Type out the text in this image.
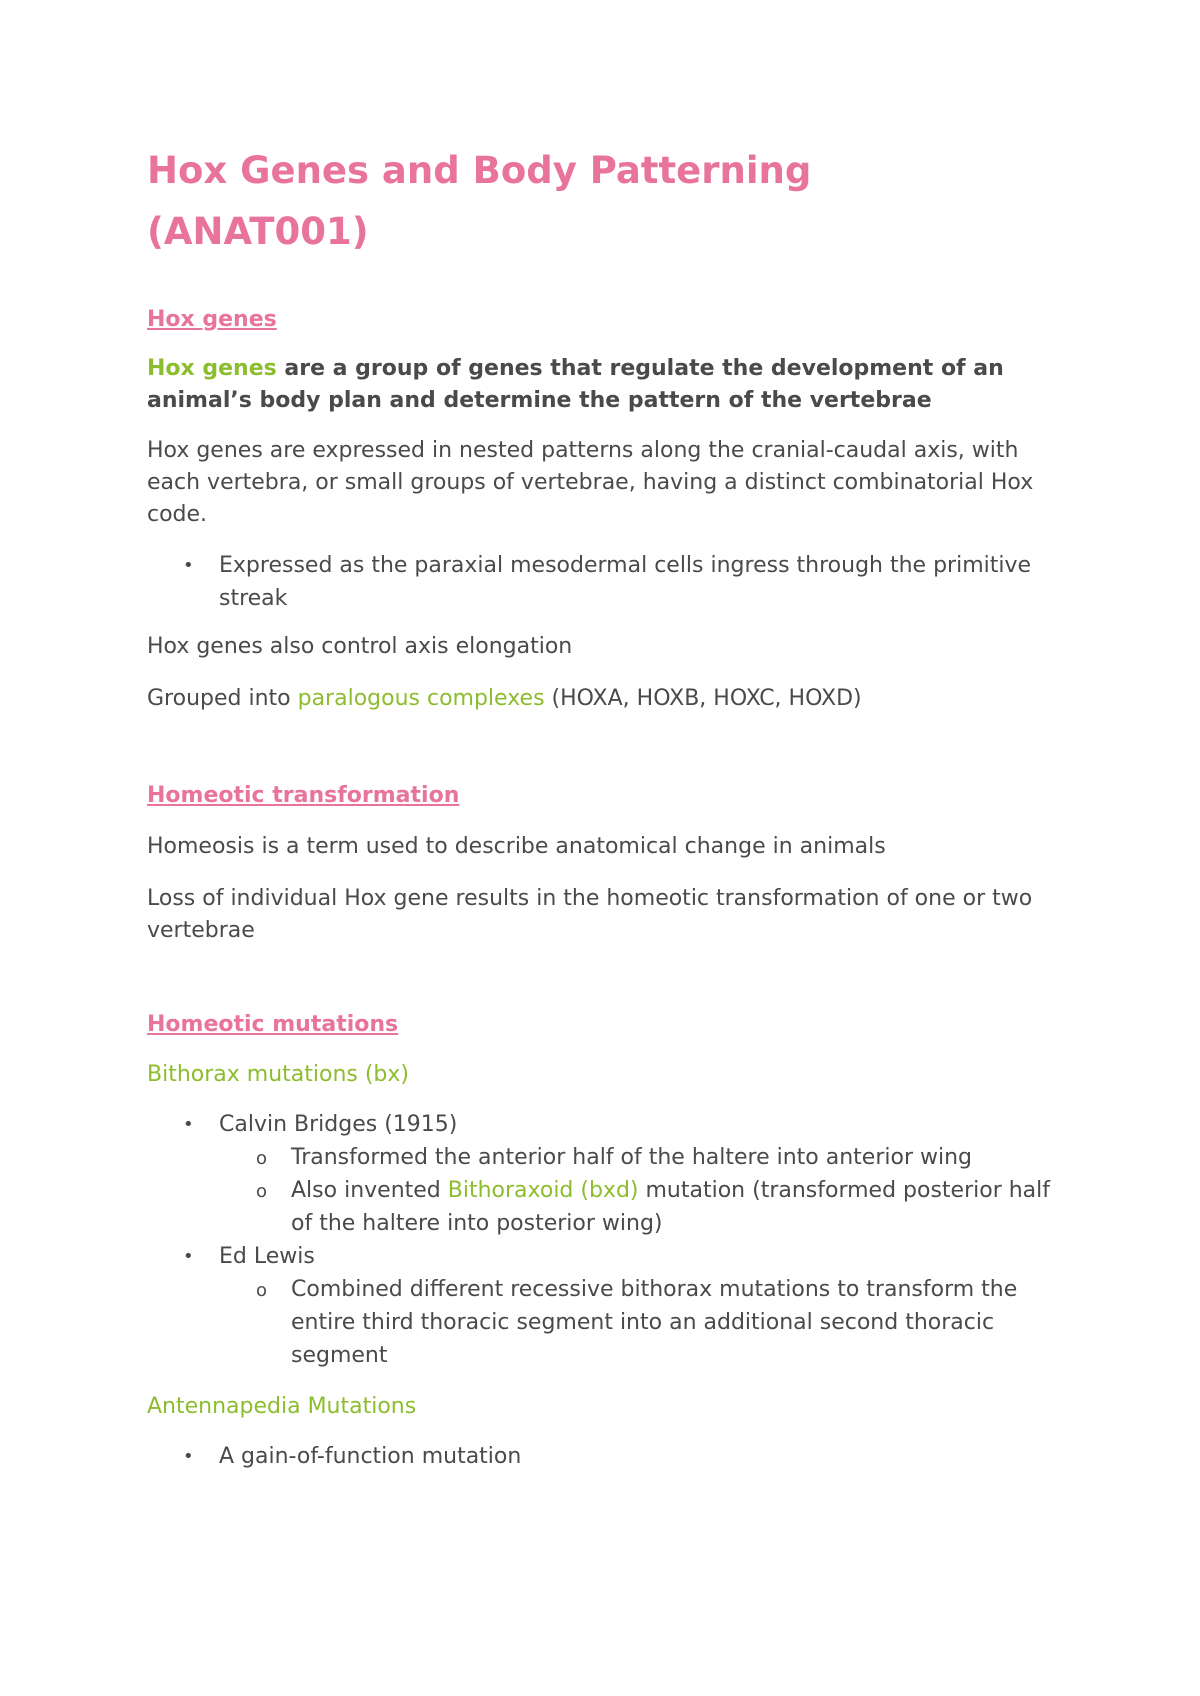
Hox Genes and Body Patterning
(ANAT001)
Hox genes

Hox genes are a group of genes that regulate the development of an animal’s body plan and determine the pattern of the vertebrae

Hox genes are expressed in nested patterns along the cranial-caudal axis, with each vertebra, or small groups of vertebrae, having a distinct combinatorial Hox code.

• Expressed as the paraxial mesodermal cells ingress through the primitive streak

Hox genes also control axis elongation

Grouped into paralogous complexes (HOXA, HOXB, HOXC, HOXD)

Homeotic transformation

Homeosis is a term used to describe anatomical change in animals

Loss of individual Hox gene results in the homeotic transformation of one or two vertebrae

Homeotic mutations
Bithorax mutations (bx)
• Calvin Bridges (1915)
o Transformed the anterior half of the haltere into anterior wing
o Also invented Bithoraxoid (bxd) mutation (transformed posterior half of the haltere into posterior wing)
• Ed Lewis
o Combined different recessive bithorax mutations to transform the entire third thoracic segment into an additional second thoracic segment
Antennapedia Mutations
• A gain-of-function mutation
